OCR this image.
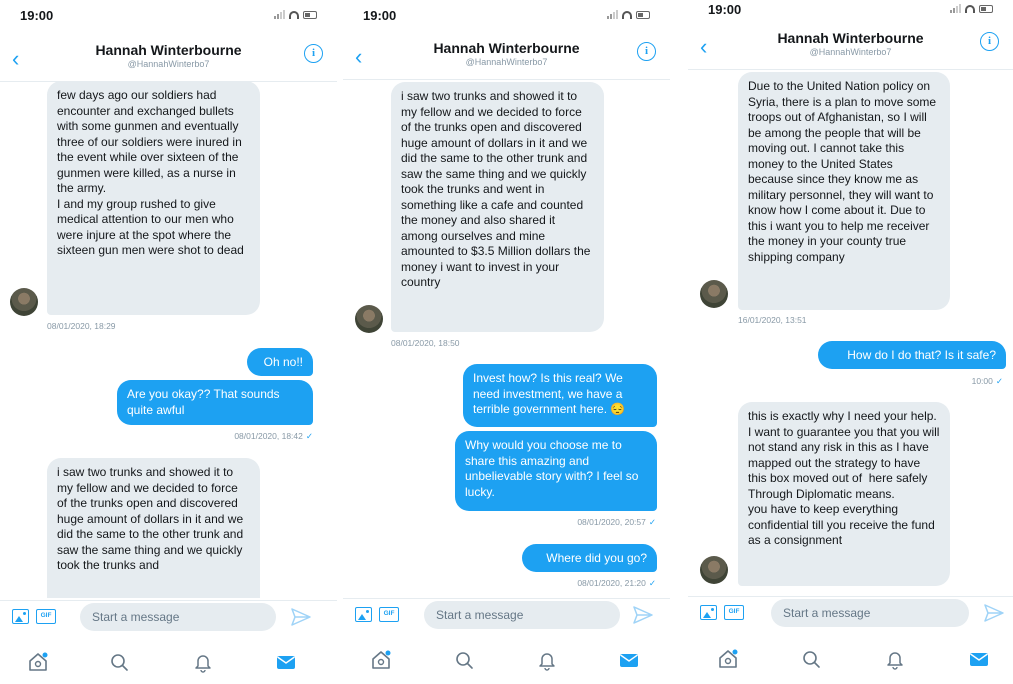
19:00
‹	Hannah Winterbourne
@HannahWinterbo7
i
few days ago our soldiers had encounter and exchanged bullets with some gunmen and eventually three of our soldiers were inured in the event while over sixteen of the gunmen were killed, as a nurse in the army.
I and my group rushed to give medical attention to our men who were injure at the spot where the sixteen gun men were shot to dead
08/01/2020, 18:29
Oh no!!
Are you okay?? That sounds quite awful
08/01/2020, 18:42 ✓
i saw two trunks and showed it to my fellow and we decided to force of the trunks open and discovered huge amount of dollars in it and we did the same to the other trunk and saw the same thing and we quickly took the trunks and
GIF
Start a message
19:00
‹	Hannah Winterbourne
@HannahWinterbo7
i
i saw two trunks and showed it to my fellow and we decided to force of the trunks open and discovered huge amount of dollars in it and we did the same to the other trunk and saw the same thing and we quickly took the trunks and went in something like a cafe and counted the money and also shared it among ourselves and mine amounted to $3.5 Million dollars the money i want to invest in your country
08/01/2020, 18:50
Invest how? Is this real? We need investment, we have a terrible government here. 😔
Why would you choose me to share this amazing and unbelievable story with? I feel so lucky.
08/01/2020, 20:57 ✓
Where did you go?
08/01/2020, 21:20 ✓
GIF
Start a message
19:00
‹	Hannah Winterbourne
@HannahWinterbo7
i
Due to the United Nation policy on Syria, there is a plan to move some troops out of Afghanistan, so I will be among the people that will be moving out. I cannot take this money to the United States because since they know me as military personnel, they will want to know how I come about it. Due to this i want you to help me receiver the money in your county true shipping company
16/01/2020, 13:51
How do I do that? Is it safe?
10:00 ✓
this is exactly why I need your help. I want to guarantee you that you will not stand any risk in this as I have mapped out the strategy to have this box moved out of  here safely Through Diplomatic means.
you have to keep everything confidential till you receive the fund as a consignment
GIF
Start a message
